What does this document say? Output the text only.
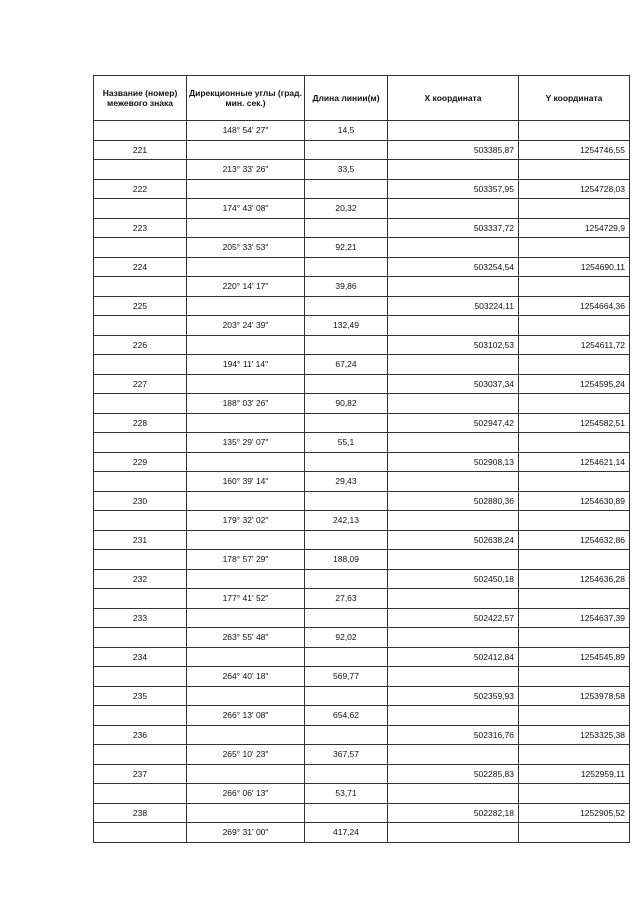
Название (номер) межевого знака	Дирекционные углы (град. мин. сек.)	Длина линии(м)	X координата	Y координата
	148° 54' 27"	14,5		
221			503385,87	1254746,55
	213° 33' 26"	33,5		
222			503357,95	1254728,03
	174° 43' 08"	20,32		
223			503337,72	1254729,9
	205° 33' 53"	92,21		
224			503254,54	1254690,11
	220° 14' 17"	39,86		
225			503224,11	1254664,36
	203° 24' 39"	132,49		
226			503102,53	1254611,72
	194° 11' 14"	67,24		
227			503037,34	1254595,24
	188° 03' 26"	90,82		
228			502947,42	1254582,51
	135° 29' 07"	55,1		
229			502908,13	1254621,14
	160° 39' 14"	29,43		
230			502880,36	1254630,89
	179° 32' 02"	242,13		
231			502638,24	1254632,86
	178° 57' 29"	188,09		
232			502450,18	1254636,28
	177° 41' 52"	27,63		
233			502422,57	1254637,39
	263° 55' 48"	92,02		
234			502412,84	1254545,89
	264° 40' 18"	569,77		
235			502359,93	1253978,58
	266° 13' 08"	654,62		
236			502316,76	1253325,38
	265° 10' 23"	367,57		
237			502285,83	1252959,11
	266° 06' 13"	53,71		
238			502282,18	1252905,52
	269° 31' 00"	417,24		
